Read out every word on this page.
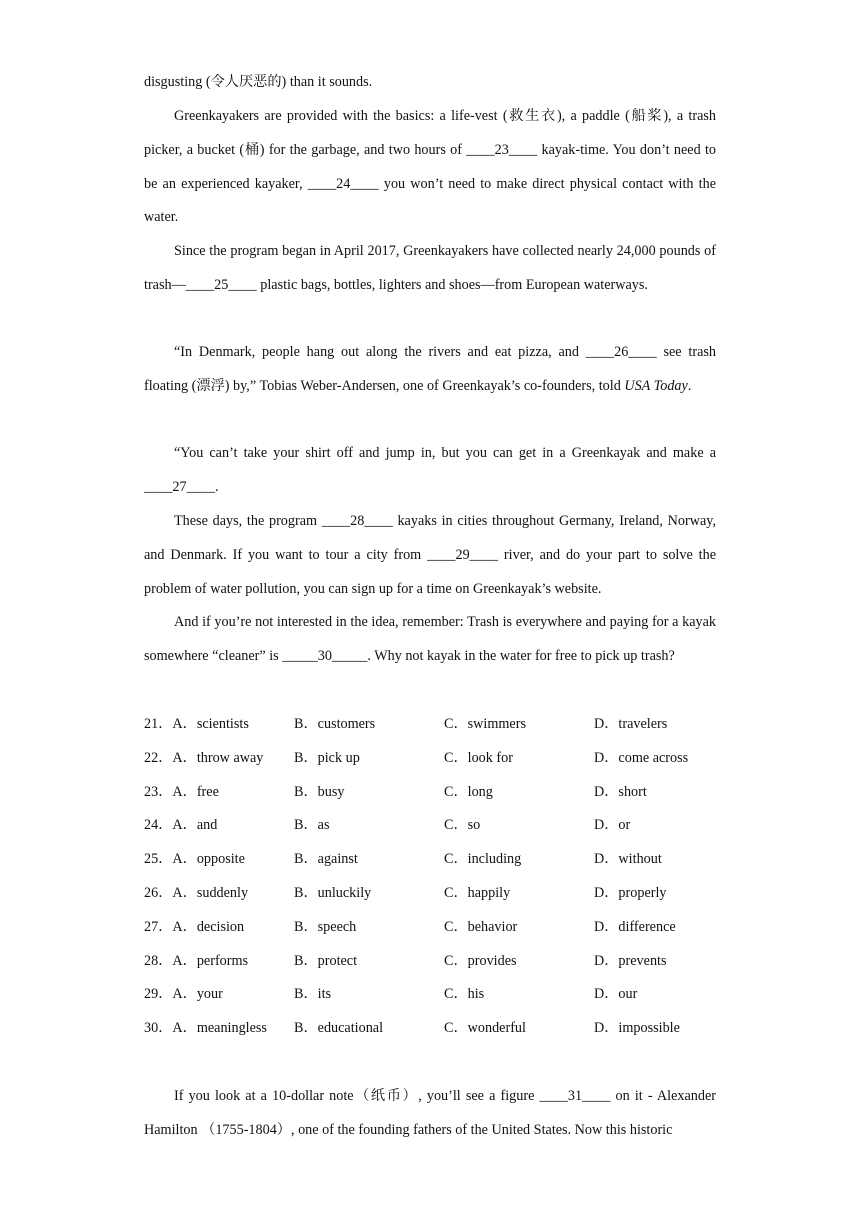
disgusting (令人厌恶的) than it sounds.

Greenkayakers are provided with the basics: a life-vest (救生衣), a paddle (船桨), a trash picker, a bucket (桶) for the garbage, and two hours of ____23____ kayak-time. You don’t need to be an experienced kayaker, ____24____ you won’t need to make direct physical contact with the water.

Since the program began in April 2017, Greenkayakers have collected nearly 24,000 pounds of trash—____25____ plastic bags, bottles, lighters and shoes—from European waterways.

“In Denmark, people hang out along the rivers and eat pizza, and ____26____ see trash floating (漂浮) by,” Tobias Weber-Andersen, one of Greenkayak’s co-founders, told USA Today.

“You can’t take your shirt off and jump in, but you can get in a Greenkayak and make a ____27____.

These days, the program ____28____ kayaks in cities throughout Germany, Ireland, Norway, and Denmark. If you want to tour a city from ____29____ river, and do your part to solve the problem of water pollution, you can sign up for a time on Greenkayak’s website.

And if you’re not interested in the idea, remember: Trash is everywhere and paying for a kayak somewhere “cleaner” is _____30_____. Why not kayak in the water for free to pick up trash?

21．A．scientists	B．customers	C．swimmers	D．travelers
22．A．throw away B．pick up	C．look for	D．come across
23．A．free	B．busy	C．long	D．short
24．A．and	B．as	C．so	D．or
25．A．opposite	B．against	C．including	D．without
26．A．suddenly	B．unluckily	C．happily	D．properly
27．A．decision	B．speech	C．behavior	D．difference
28．A．performs	B．protect	C．provides	D．prevents
29．A．your	B．its	C．his	D．our
30．A．meaningless B．educational	C．wonderful	D．impossible

If you look at a 10-dollar note（纸币）, you’ll see a figure ____31____ on it - Alexander Hamilton （1755-1804）, one of the founding fathers of the United States. Now this historic
